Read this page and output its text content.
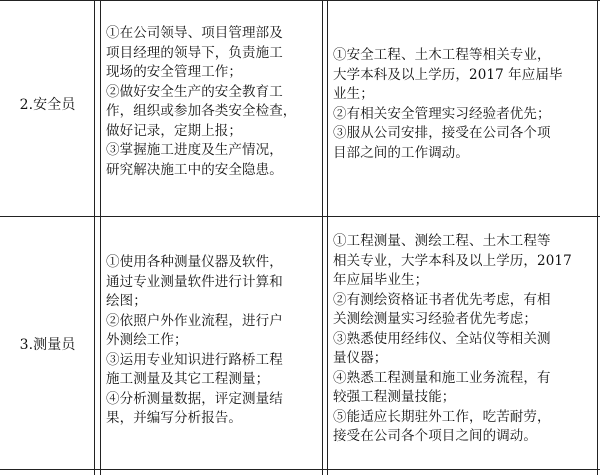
2.安全员
①在公司领导、项目管理部及
项目经理的领导下，负责施工
现场的安全管理工作；
②做好安全生产的安全教育工
作，组织或参加各类安全检查，
做好记录，定期上报；
③掌握施工进度及生产情况，
研究解决施工中的安全隐患。
①安全工程、土木工程等相关专业，
大学本科及以上学历，2017 年应届毕
业生；
②有相关安全管理实习经验者优先；
③服从公司安排，接受在公司各个项
目部之间的工作调动。
3.测量员
①使用各种测量仪器及软件，
通过专业测量软件进行计算和
绘图；
②依照户外作业流程，进行户
外测绘工作；
③运用专业知识进行路桥工程
施工测量及其它工程测量；
④分析测量数据，评定测量结
果，并编写分析报告。
①工程测量、测绘工程、土木工程等
相关专业，大学本科及以上学历，2017
年应届毕业生；
②有测绘资格证书者优先考虑，有相
关测绘测量实习经验者优先考虑；
③熟悉使用经纬仪、全站仪等相关测
量仪器；
④熟悉工程测量和施工业务流程，有
较强工程测量技能；
⑤能适应长期驻外工作，吃苦耐劳，
接受在公司各个项目之间的调动。
